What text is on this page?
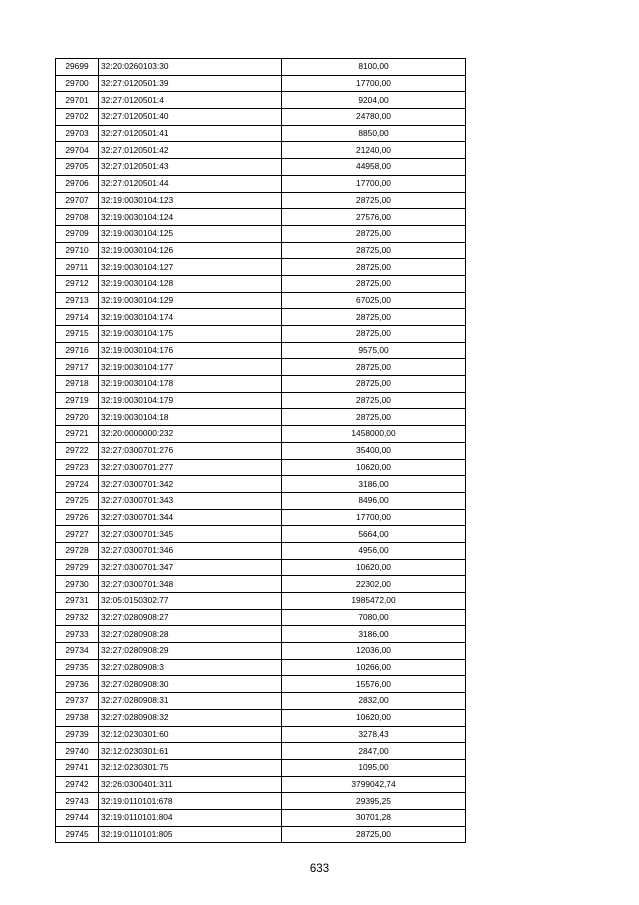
29699	32:20:0260103:30	8100,00
29700	32:27:0120501:39	17700,00
29701	32:27:0120501:4	9204,00
29702	32:27:0120501:40	24780,00
29703	32:27:0120501:41	8850,00
29704	32:27:0120501:42	21240,00
29705	32:27:0120501:43	44958,00
29706	32:27:0120501:44	17700,00
29707	32:19:0030104:123	28725,00
29708	32:19:0030104:124	27576,00
29709	32:19:0030104:125	28725,00
29710	32:19:0030104:126	28725,00
29711	32:19:0030104:127	28725,00
29712	32:19:0030104:128	28725,00
29713	32:19:0030104:129	67025,00
29714	32:19:0030104:174	28725,00
29715	32:19:0030104:175	28725,00
29716	32:19:0030104:176	9575,00
29717	32:19:0030104:177	28725,00
29718	32:19:0030104:178	28725,00
29719	32:19:0030104:179	28725,00
29720	32:19:0030104:18	28725,00
29721	32:20:0000000:232	1458000,00
29722	32:27:0300701:276	35400,00
29723	32:27:0300701:277	10620,00
29724	32:27:0300701:342	3186,00
29725	32:27:0300701:343	8496,00
29726	32:27:0300701:344	17700,00
29727	32:27:0300701:345	5664,00
29728	32:27:0300701:346	4956,00
29729	32:27:0300701:347	10620,00
29730	32:27:0300701:348	22302,00
29731	32:05:0150302:77	1985472,00
29732	32:27:0280908:27	7080,00
29733	32:27:0280908:28	3186,00
29734	32:27:0280908:29	12036,00
29735	32:27:0280908:3	10266,00
29736	32:27:0280908:30	15576,00
29737	32:27:0280908:31	2832,00
29738	32:27:0280908:32	10620,00
29739	32:12:0230301:60	3278,43
29740	32:12:0230301:61	2847,00
29741	32:12:0230301:75	1095,00
29742	32:26:0300401:311	3799042,74
29743	32:19:0110101:678	29395,25
29744	32:19:0110101:804	30701,28
29745	32:19:0110101:805	28725,00
633
